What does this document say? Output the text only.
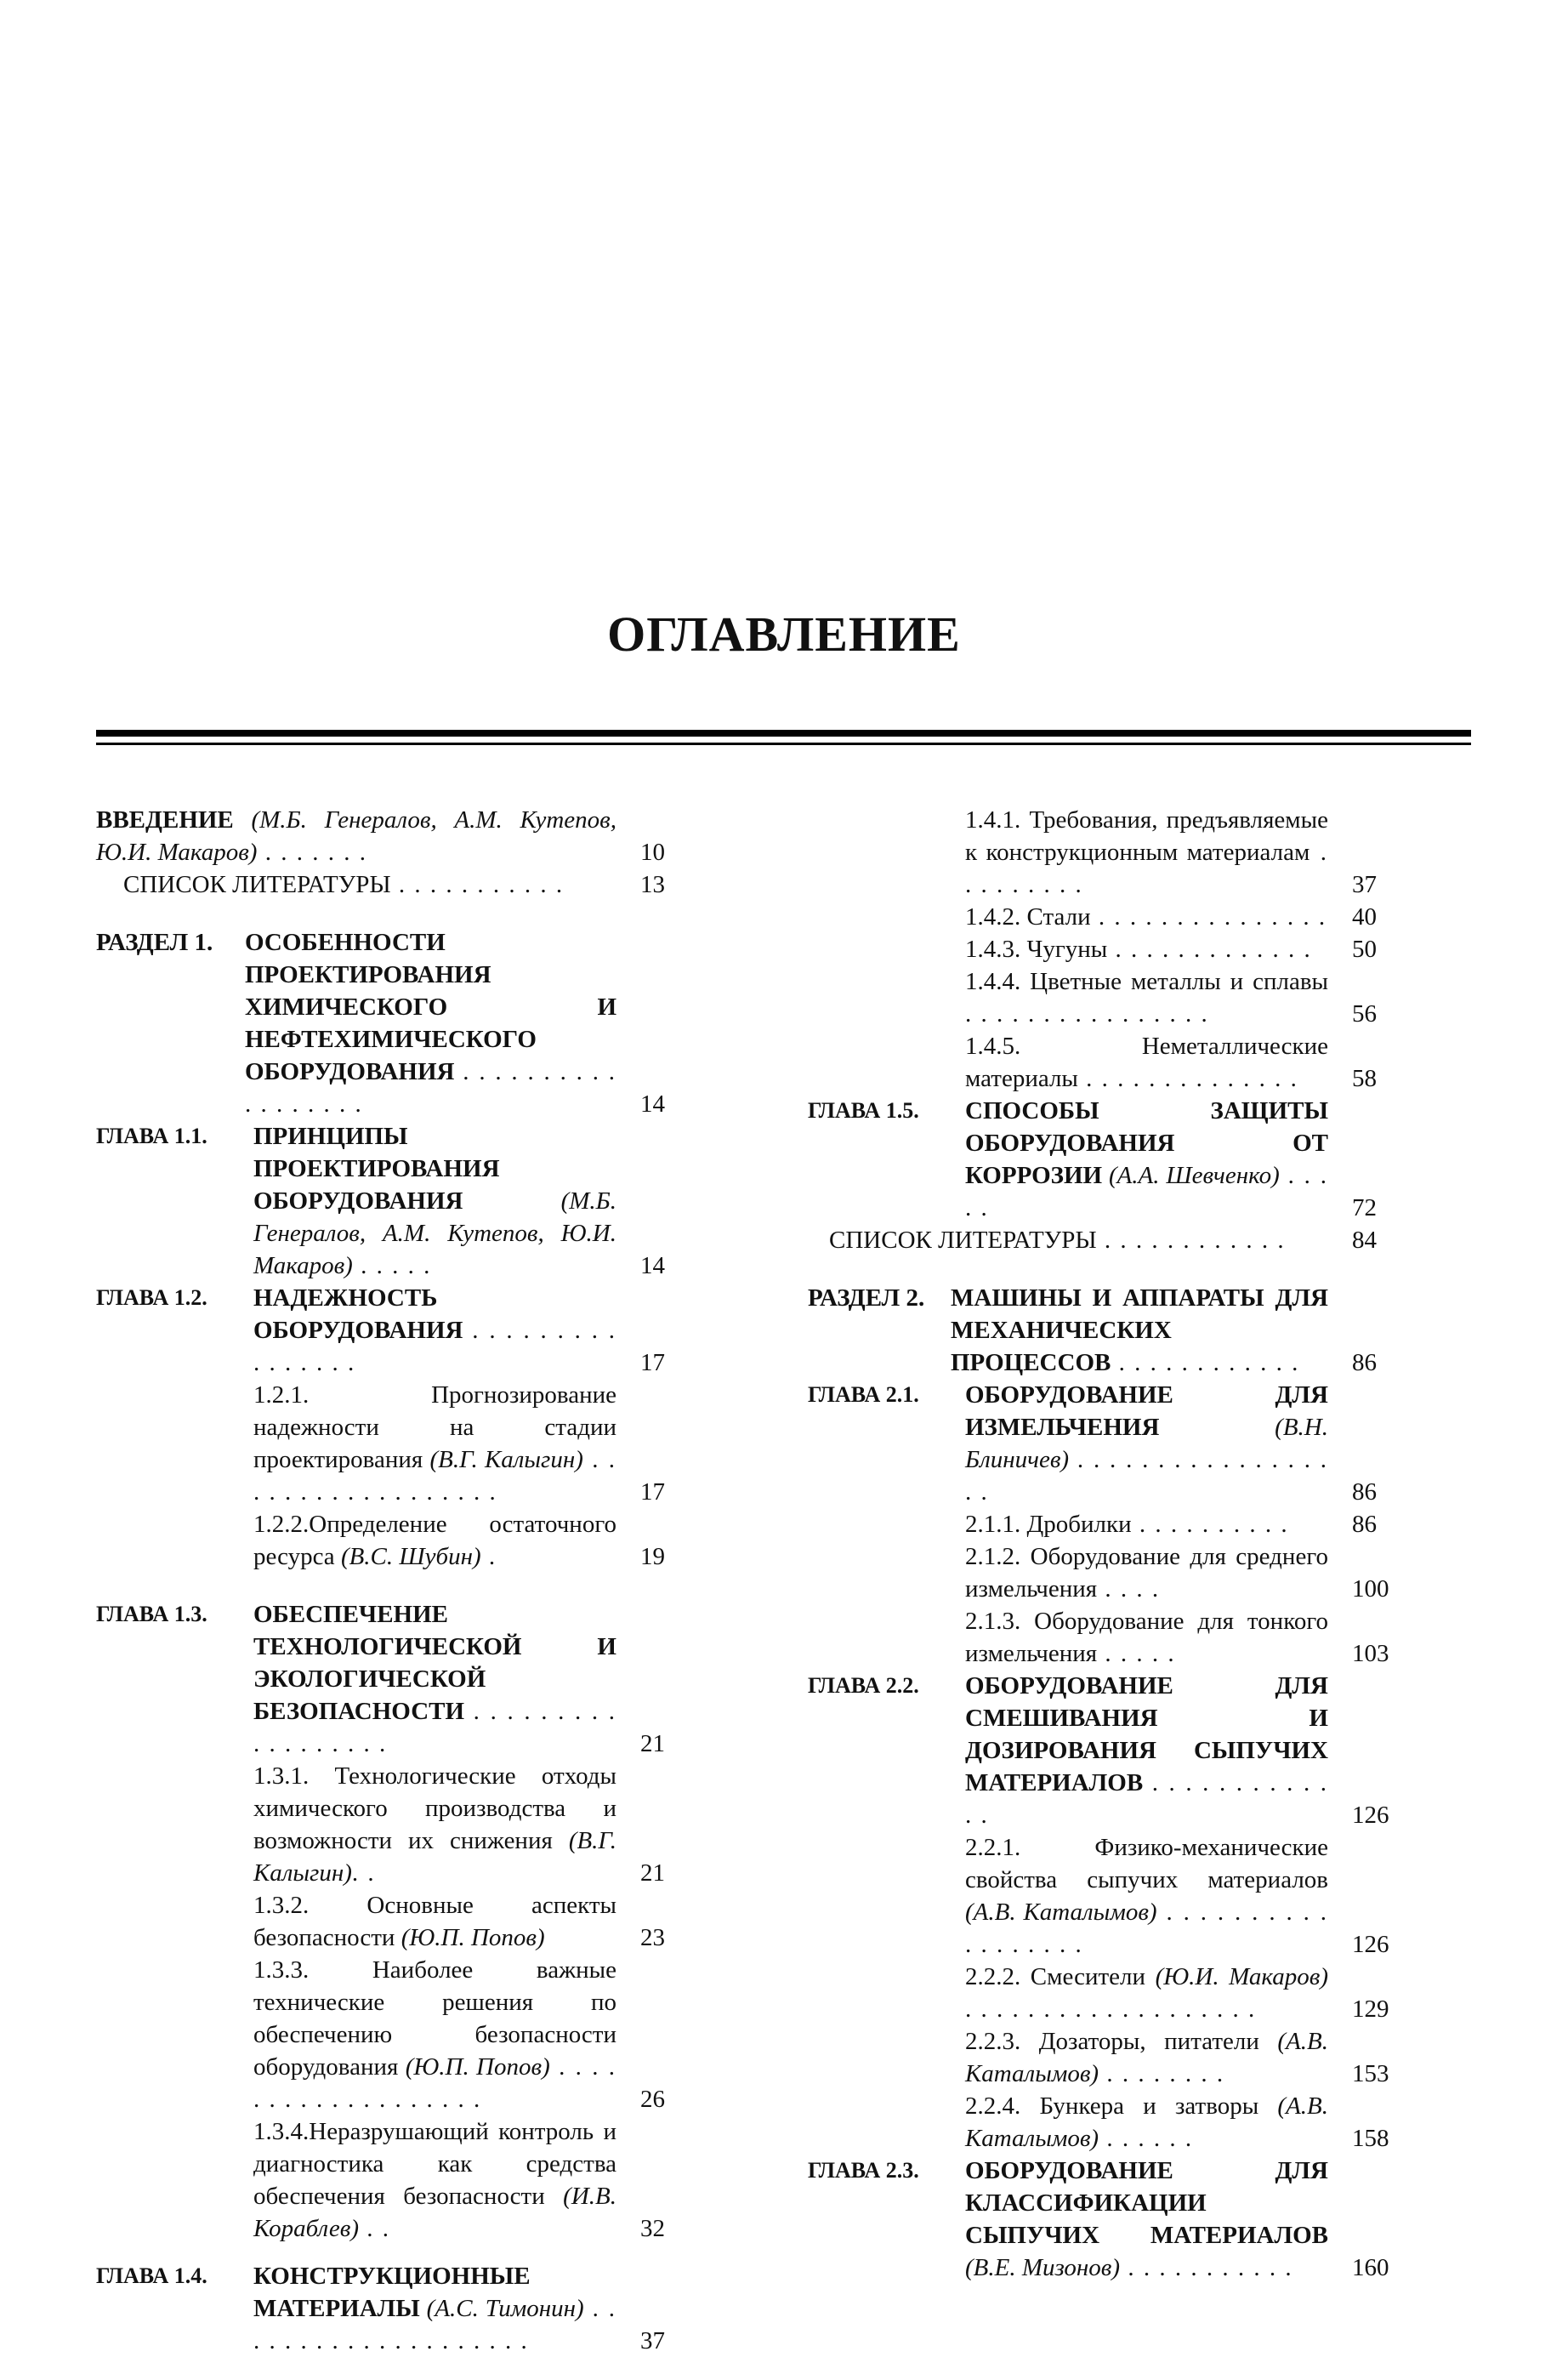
ОГЛАВЛЕНИЕ
ВВЕДЕНИЕ (М.Б. Генералов, А.М. Кутепов, Ю.И. Макаров) . . . . . . .	10
СПИСОК ЛИТЕРАТУРЫ . . . . . . . . . . .	13
РАЗДЕЛ 1.	ОСОБЕННОСТИ ПРОЕКТИРОВАНИЯ ХИМИЧЕСКОГО И НЕФТЕХИМИЧЕСКОГО ОБОРУДОВАНИЯ . . . . . . . . . . . . . . . . . .	14
ГЛАВА 1.1.	ПРИНЦИПЫ ПРОЕКТИРОВАНИЯ ОБОРУДОВАНИЯ	(М.Б. Генералов, А.М. Кутепов, Ю.И. Макаров) . . . . .	14
ГЛАВА 1.2.	НАДЕЖНОСТЬ ОБОРУДОВАНИЯ . . . . . . . . . . . . . . . .	17
1.2.1. Прогнозирование надежности на стадии проектирования (В.Г. Калыгин) . . . . . . . . . . . . . . . . . .	17
1.2.2.Определение остаточного ресурса (В.С. Шубин) .	19
ГЛАВА 1.3.	ОБЕСПЕЧЕНИЕ ТЕХНОЛОГИЧЕСКОЙ И ЭКОЛОГИЧЕСКОЙ БЕЗОПАСНОСТИ . . . . . . . . . . . . . . . . . .	21
1.3.1. Технологические отходы химического производства и возможности их снижения (В.Г. Калыгин). .	21
1.3.2. Основные аспекты безопасности (Ю.П. Попов)	23
1.3.3. Наиболее важные технические решения по обеспечению безопасности оборудования (Ю.П. Попов) . . . . . . . . . . . . . . . . . . .	26
1.3.4.Неразрушающий контроль и диагностика как средства обеспечения безопасности (И.В. Кораблев) . .	32
ГЛАВА 1.4.	КОНСТРУКЦИОННЫЕ МАТЕРИАЛЫ (А.С. Тимонин) . . . . . . . . . . . . . . . . . . . .	37
1.4.1. Требования, предъявляемые к конструкционным материалам . . . . . . . . .	37
1.4.2. Стали . . . . . . . . . . . . . . . 40
1.4.3. Чугуны . . . . . . . . . . . . .	50
1.4.4. Цветные металлы и сплавы . . . . . . . . . . . . . . . .	56
1.4.5. Неметаллические материалы . . . . . . . . . . . . . .	58
ГЛАВА 1.5.	СПОСОБЫ ЗАЩИТЫ ОБОРУДОВАНИЯ ОТ КОРРОЗИИ (А.А. Шевченко) . . . . .	72
СПИСОК ЛИТЕРАТУРЫ . . . . . . . . . . . .	84
РАЗДЕЛ 2.	МАШИНЫ И АППАРАТЫ ДЛЯ МЕХАНИЧЕСКИХ ПРОЦЕССОВ . . . . . . . . . . . .	86
ГЛАВА 2.1.	ОБОРУДОВАНИЕ ДЛЯ ИЗМЕЛЬЧЕНИЯ	(В.Н. Блиничев) . . . . . . . . . . . . . . . . . .	86
2.1.1. Дробилки . . . . . . . . . .	86
2.1.2. Оборудование для среднего измельчения . . . .	100
2.1.3. Оборудование для тонкого измельчения . . . . .	103
ГЛАВА 2.2.	ОБОРУДОВАНИЕ ДЛЯ СМЕШИВАНИЯ И ДОЗИРОВАНИЯ СЫПУЧИХ МАТЕРИАЛОВ . . . . . . . . . . . . .	126
2.2.1. Физико-механические свойства сыпучих материалов (А.В. Каталымов) . . . . . . . . . . . . . . . . . .	126
2.2.2. Смесители (Ю.И. Макаров) . . . . . . . . . . . . . . . . . . .	129
2.2.3. Дозаторы, питатели (А.В. Каталымов) . . . . . . . .	153
2.2.4. Бункера и затворы (А.В. Каталымов) . . . . . .	158
ГЛАВА 2.3.	ОБОРУДОВАНИЕ ДЛЯ КЛАССИФИКАЦИИ СЫПУЧИХ МАТЕРИАЛОВ (В.Е. Мизонов) . . . . . . . . . . .	160
